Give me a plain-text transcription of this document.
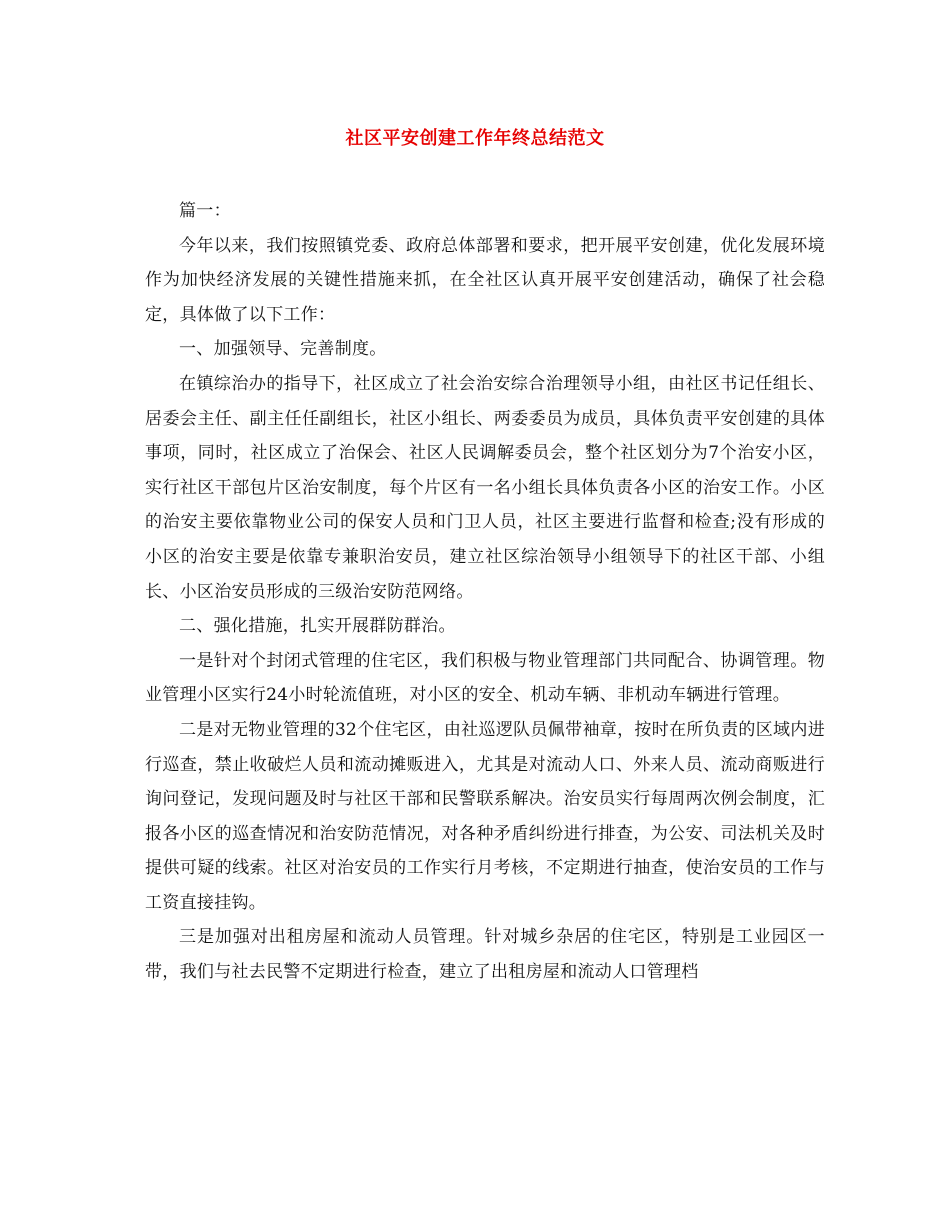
社区平安创建工作年终总结范文

篇一：

今年以来，我们按照镇党委、政府总体部署和要求，把开展平安创建，优化发展环境作为加快经济发展的关键性措施来抓，在全社区认真开展平安创建活动，确保了社会稳定，具体做了以下工作：

一、加强领导、完善制度。

在镇综治办的指导下，社区成立了社会治安综合治理领导小组，由社区书记任组长、居委会主任、副主任任副组长，社区小组长、两委委员为成员，具体负责平安创建的具体事项，同时，社区成立了治保会、社区人民调解委员会，整个社区划分为7个治安小区，实行社区干部包片区治安制度，每个片区有一名小组长具体负责各小区的治安工作。小区的治安主要依靠物业公司的保安人员和门卫人员，社区主要进行监督和检查;没有形成的小区的治安主要是依靠专兼职治安员，建立社区综治领导小组领导下的社区干部、小组长、小区治安员形成的三级治安防范网络。

二、强化措施，扎实开展群防群治。

一是针对个封闭式管理的住宅区，我们积极与物业管理部门共同配合、协调管理。物业管理小区实行24小时轮流值班，对小区的安全、机动车辆、非机动车辆进行管理。

二是对无物业管理的32个住宅区，由社巡逻队员佩带袖章，按时在所负责的区域内进行巡查，禁止收破烂人员和流动摊贩进入，尤其是对流动人口、外来人员、流动商贩进行询问登记，发现问题及时与社区干部和民警联系解决。治安员实行每周两次例会制度，汇报各小区的巡查情况和治安防范情况，对各种矛盾纠纷进行排查，为公安、司法机关及时提供可疑的线索。社区对治安员的工作实行月考核，不定期进行抽查，使治安员的工作与工资直接挂钩。

三是加强对出租房屋和流动人员管理。针对城乡杂居的住宅区，特别是工业园区一带，我们与社去民警不定期进行检查，建立了出租房屋和流动人口管理档
